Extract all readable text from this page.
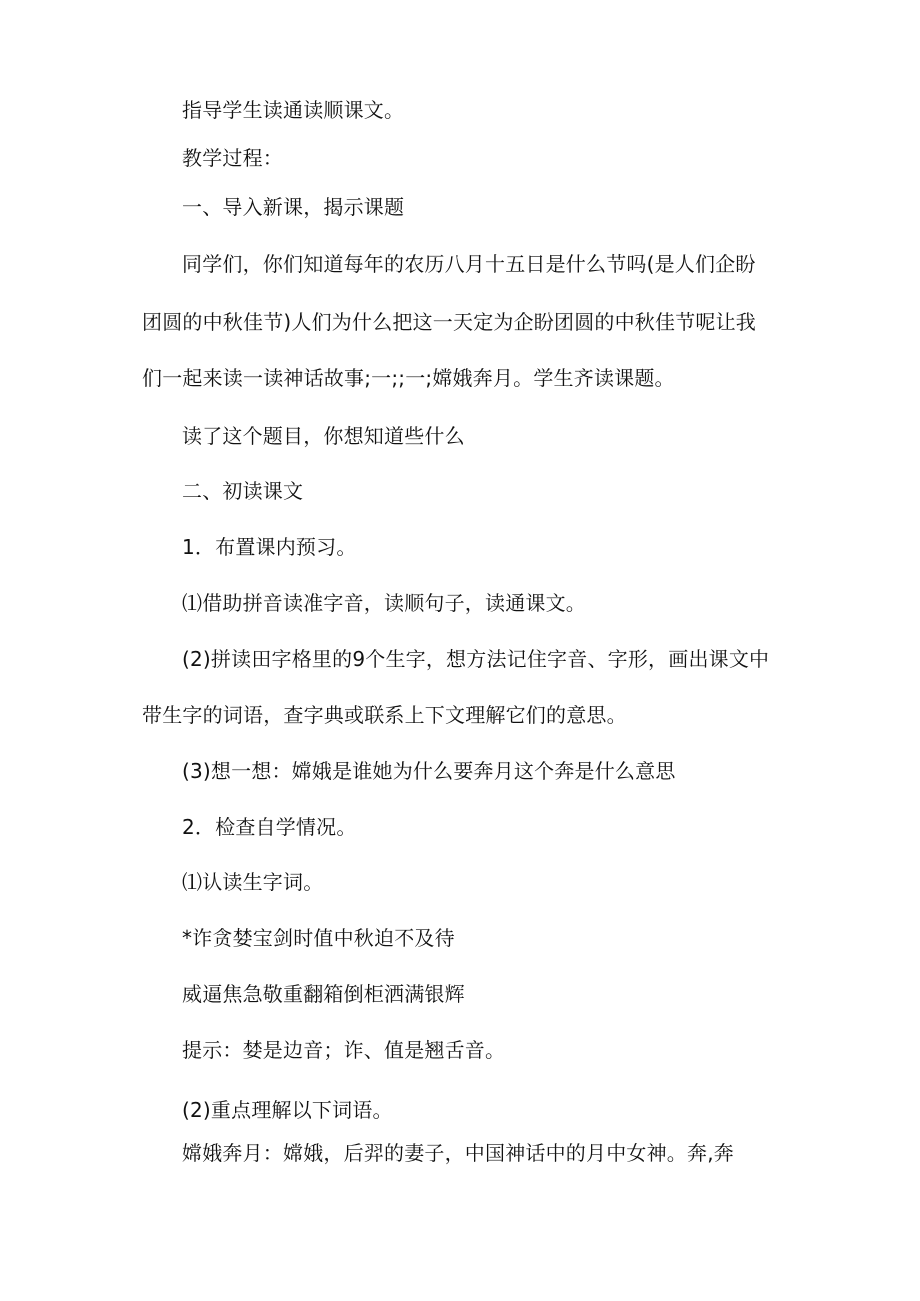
指导学生读通读顺课文。
教学过程：
一、导入新课，揭示课题
同学们，你们知道每年的农历八月十五日是什么节吗(是人们企盼
团圆的中秋佳节)人们为什么把这一天定为企盼团圆的中秋佳节呢让我
们一起来读一读神话故事;一;;一;嫦娥奔月。学生齐读课题。
读了这个题目，你想知道些什么
二、初读课文
1．布置课内预习。
⑴借助拼音读准字音，读顺句子，读通课文。
(2)拼读田字格里的9个生字，想方法记住字音、字形，画出课文中
带生字的词语，查字典或联系上下文理解它们的意思。
(3)想一想：嫦娥是谁她为什么要奔月这个奔是什么意思
2．检查自学情况。
⑴认读生字词。
*诈贪婪宝剑时值中秋迫不及待
威逼焦急敬重翻箱倒柜洒满银辉
提示：婪是边音；诈、值是翘舌音。
(2)重点理解以下词语。
嫦娥奔月：嫦娥，后羿的妻子，中国神话中的月中女神。奔,奔
